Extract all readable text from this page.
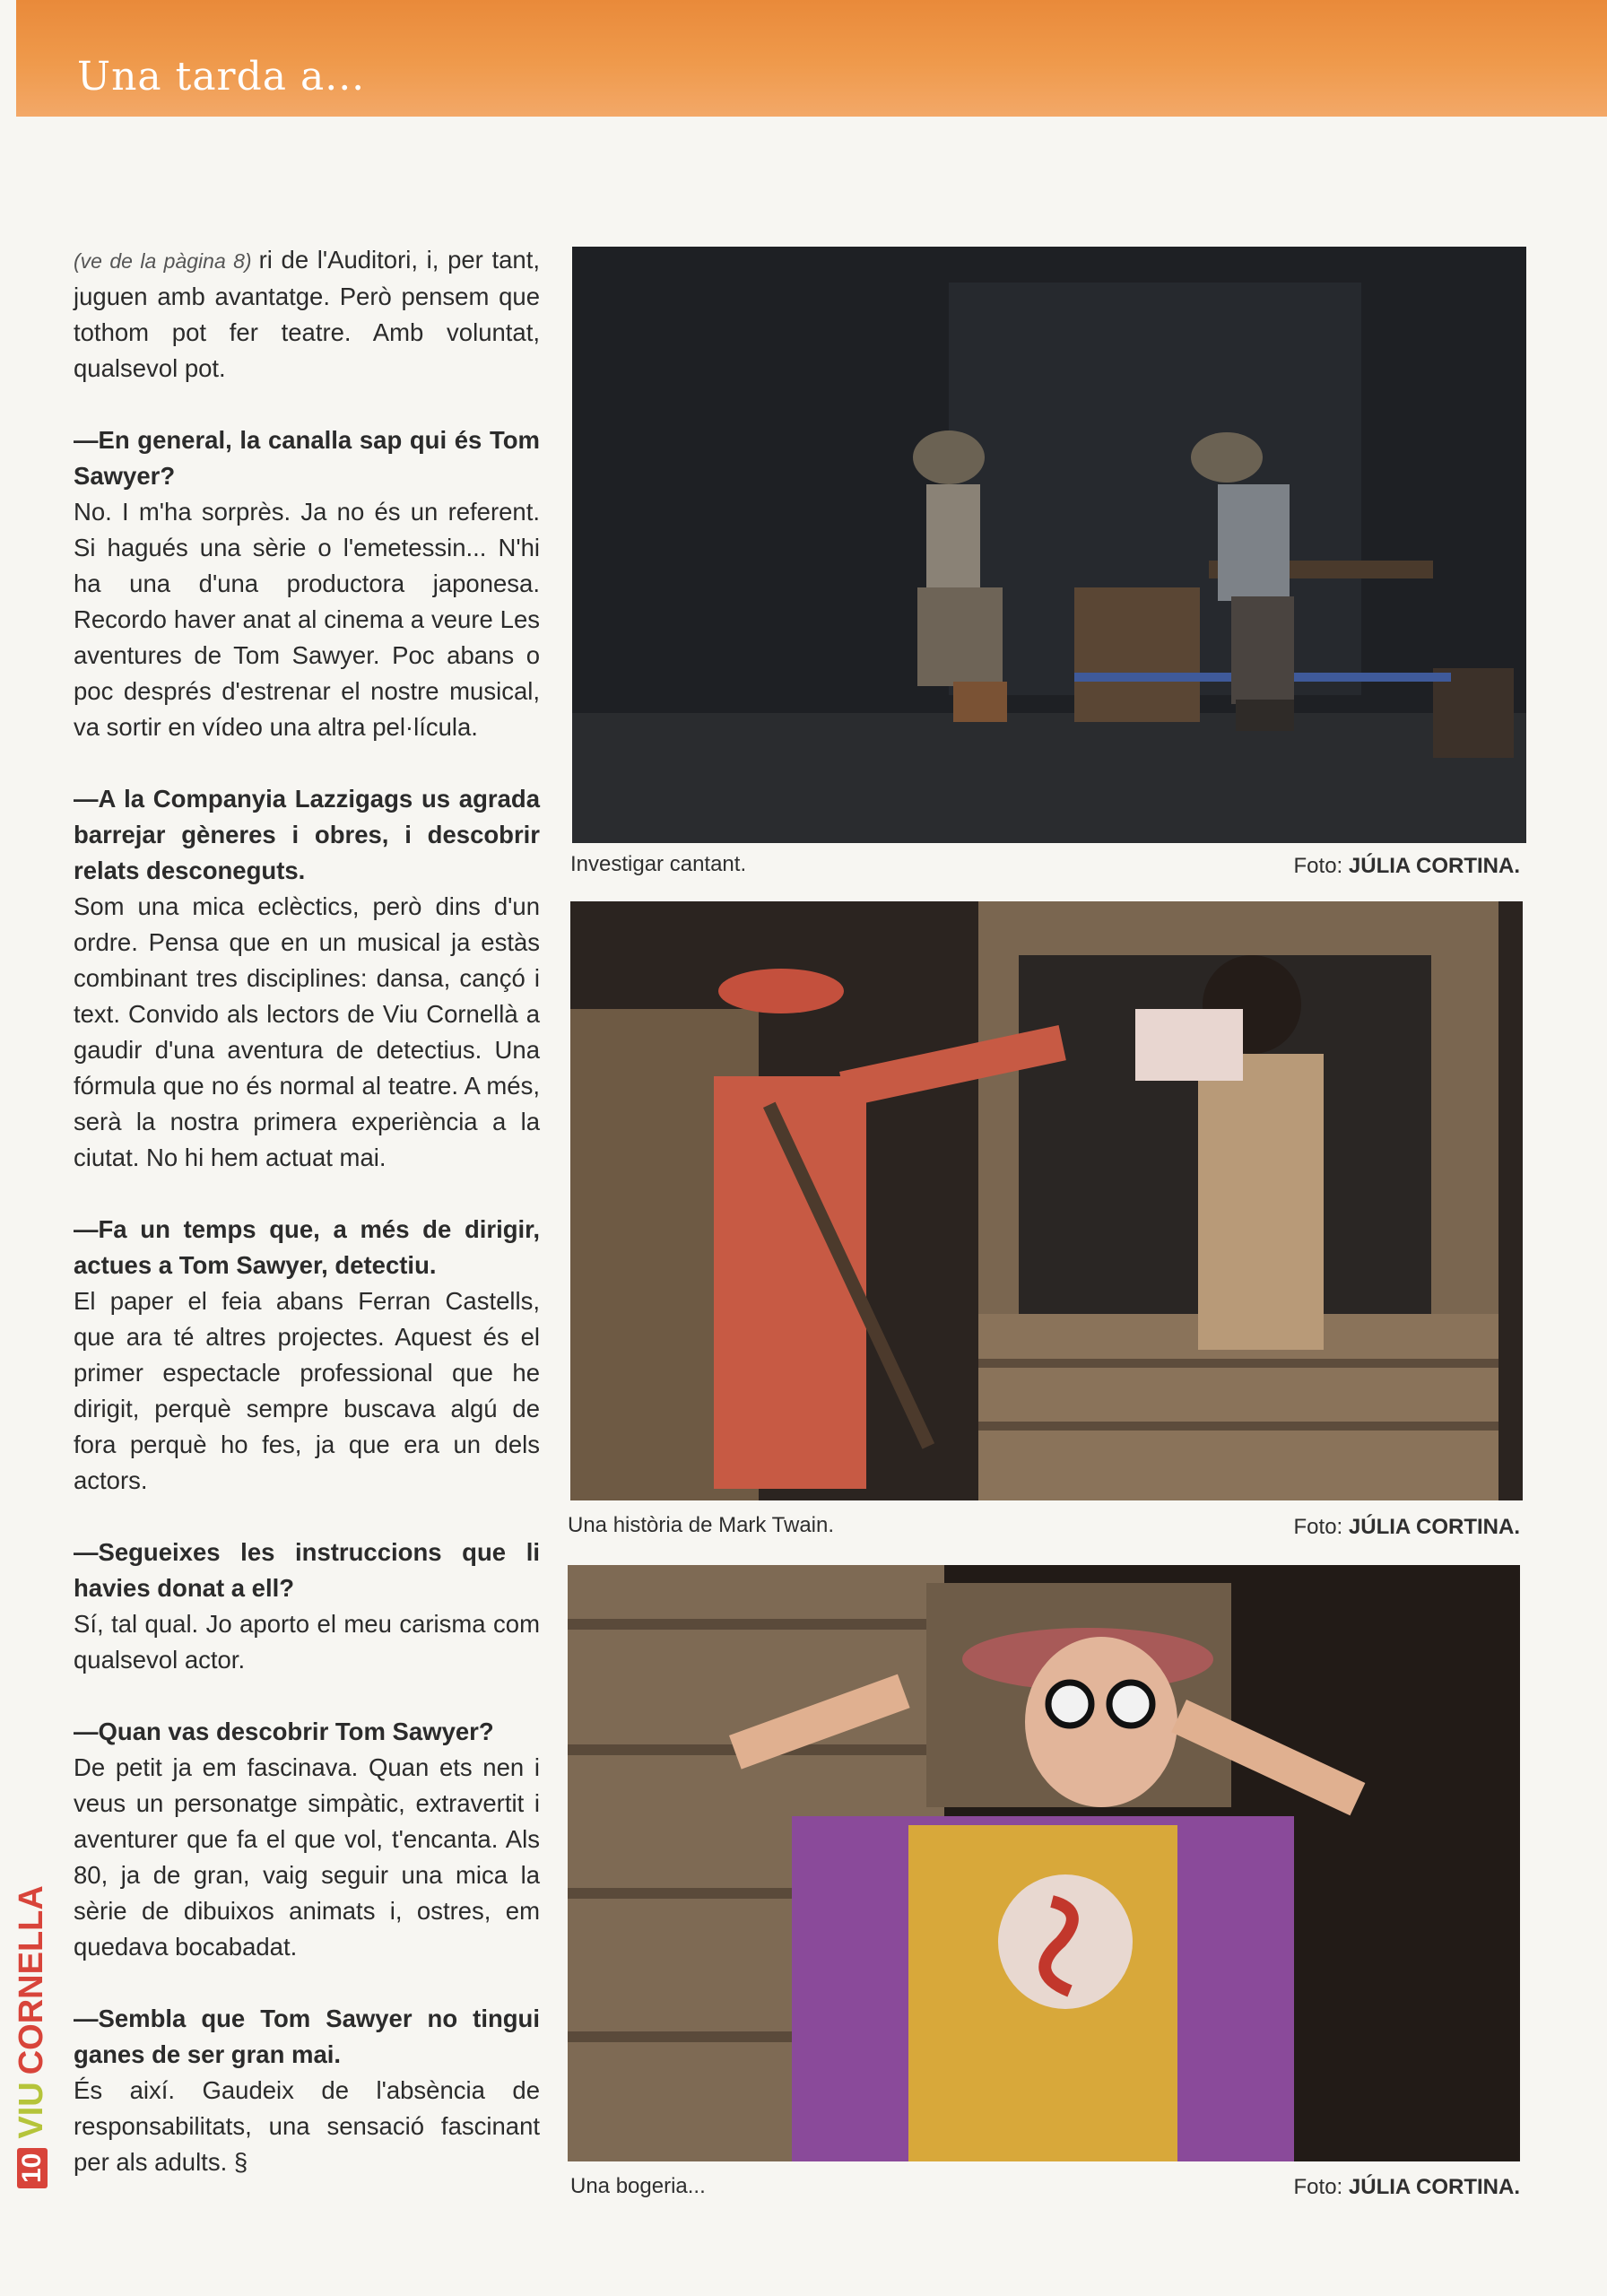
Una tarda a...

(ve de la pàgina 8) ri de l'Auditori, i, per tant, juguen amb avantatge. Però pensem que tothom pot fer teatre. Amb voluntat, qualsevol pot.

—En general, la canalla sap qui és Tom Sawyer?
No. I m'ha sorprès. Ja no és un referent. Si hagués una sèrie o l'emetessin... N'hi ha una d'una productora japonesa. Recordo haver anat al cinema a veure Les aventures de Tom Sawyer. Poc abans o poc després d'estrenar el nostre musical, va sortir en vídeo una altra pel·lícula.

—A la Companyia Lazzigags us agrada barrejar gèneres i obres, i descobrir relats desconeguts.
Som una mica eclèctics, però dins d'un ordre. Pensa que en un musical ja estàs combinant tres disciplines: dansa, cançó i text. Convido als lectors de Viu Cornellà a gaudir d'una aventura de detectius. Una fórmula que no és normal al teatre. A més, serà la nostra primera experiència a la ciutat. No hi hem actuat mai.

—Fa un temps que, a més de dirigir, actues a Tom Sawyer, detectiu.
El paper el feia abans Ferran Castells, que ara té altres projectes. Aquest és el primer espectacle professional que he dirigit, perquè sempre buscava algú de fora perquè ho fes, ja que era un dels actors.

—Segueixes les instruccions que li havies donat a ell?
Sí, tal qual. Jo aporto el meu carisma com qualsevol actor.

—Quan vas descobrir Tom Sawyer?
De petit ja em fascinava. Quan ets nen i veus un personatge simpàtic, extravertit i aventurer que fa el que vol, t'encanta. Als 80, ja de gran, vaig seguir una mica la sèrie de dibuixos animats i, ostres, em quedava bocabadat.

—Sembla que Tom Sawyer no tingui ganes de ser gran mai.
És així. Gaudeix de l'absència de responsabilitats, una sensació fascinant per als adults. §

Investigar cantant.	Foto: JÚLIA CORTINA.
Una història de Mark Twain.	Foto: JÚLIA CORTINA.
Una bogeria...	Foto: JÚLIA CORTINA.
10
VIU
CORNELLA
